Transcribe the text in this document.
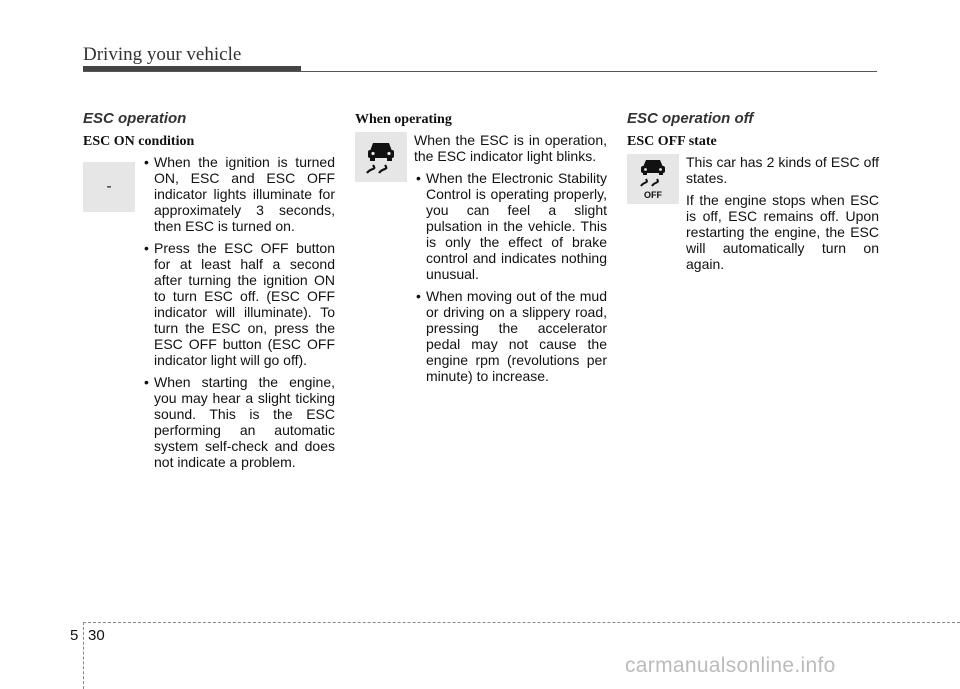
Driving your vehicle
ESC operation
ESC ON condition
-
• When the ignition is turned ON, ESC and ESC OFF indicator lights illuminate for approximately 3 seconds, then ESC is turned on.
• Press the ESC OFF button for at least half a second after turning the ignition ON to turn ESC off. (ESC OFF indicator will illuminate). To turn the ESC on, press the ESC OFF button (ESC OFF indicator light will go off).
• When starting the engine, you may hear a slight ticking sound. This is the ESC performing an automatic system self-check and does not indicate a problem.
When operating

When the ESC is in operation, the ESC indicator light blinks.

• When the Electronic Stability Control is operating properly, you can feel a slight pulsation in the vehicle. This is only the effect of brake control and indicates nothing unusual.
• When moving out of the mud or driving on a slippery road, pressing the accelerator pedal may not cause the engine rpm (revolutions per minute) to increase.
ESC operation off
ESC OFF state
OFF

This car has 2 kinds of ESC off states.

If the engine stops when ESC is off, ESC remains off. Upon restarting the engine, the ESC will automatically turn on again.

5 30
carmanualsonline.info
